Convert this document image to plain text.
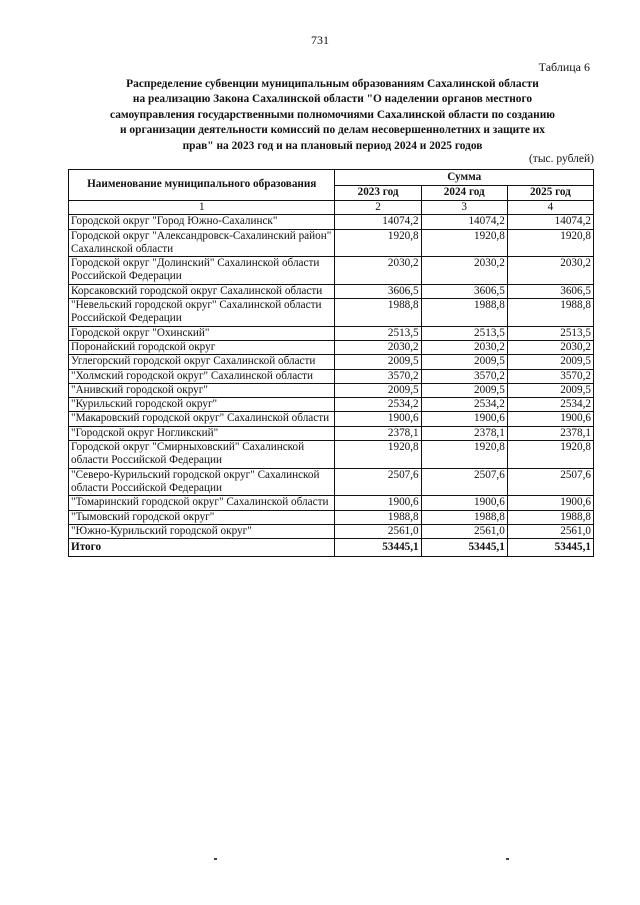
731
Таблица 6
Распределение субвенции муниципальным образованиям Сахалинской области
на реализацию Закона Сахалинской области "О наделении органов местного
самоуправления государственными полномочиями Сахалинской области по созданию
и организации деятельности комиссий по делам несовершеннолетних и защите их
прав" на 2023 год и на плановый период 2024 и 2025 годов
(тыс. рублей)
Наименование муниципального образования	Сумма		
	2023 год	2024 год	2025 год
1	2	3	4
Городской округ "Город Южно-Сахалинск"	14074,2	14074,2	14074,2
Городской округ "Александровск-Сахалинский район" Сахалинской области	1920,8	1920,8	1920,8
Городской округ "Долинский" Сахалинской области Российской Федерации	2030,2	2030,2	2030,2
Корсаковский городской округ Сахалинской области	3606,5	3606,5	3606,5
"Невельский городской округ" Сахалинской области Российской Федерации	1988,8	1988,8	1988,8
Городской округ "Охинский"	2513,5	2513,5	2513,5
Поронайский городской округ	2030,2	2030,2	2030,2
Углегорский городской округ Сахалинской области	2009,5	2009,5	2009,5
"Холмский городской округ" Сахалинской области	3570,2	3570,2	3570,2
"Анивский городской округ"	2009,5	2009,5	2009,5
"Курильский городской округ"	2534,2	2534,2	2534,2
"Макаровский городской округ" Сахалинской области	1900,6	1900,6	1900,6
"Городской округ Ногликский"	2378,1	2378,1	2378,1
Городской округ "Смирныховский" Сахалинской области Российской Федерации	1920,8	1920,8	1920,8
"Северо-Курильский городской округ" Сахалинской области Российской Федерации	2507,6	2507,6	2507,6
"Томаринский городской округ" Сахалинской области	1900,6	1900,6	1900,6
"Тымовский городской округ"	1988,8	1988,8	1988,8
"Южно-Курильский городской округ"	2561,0	2561,0	2561,0
Итого	53445,1	53445,1	53445,1
